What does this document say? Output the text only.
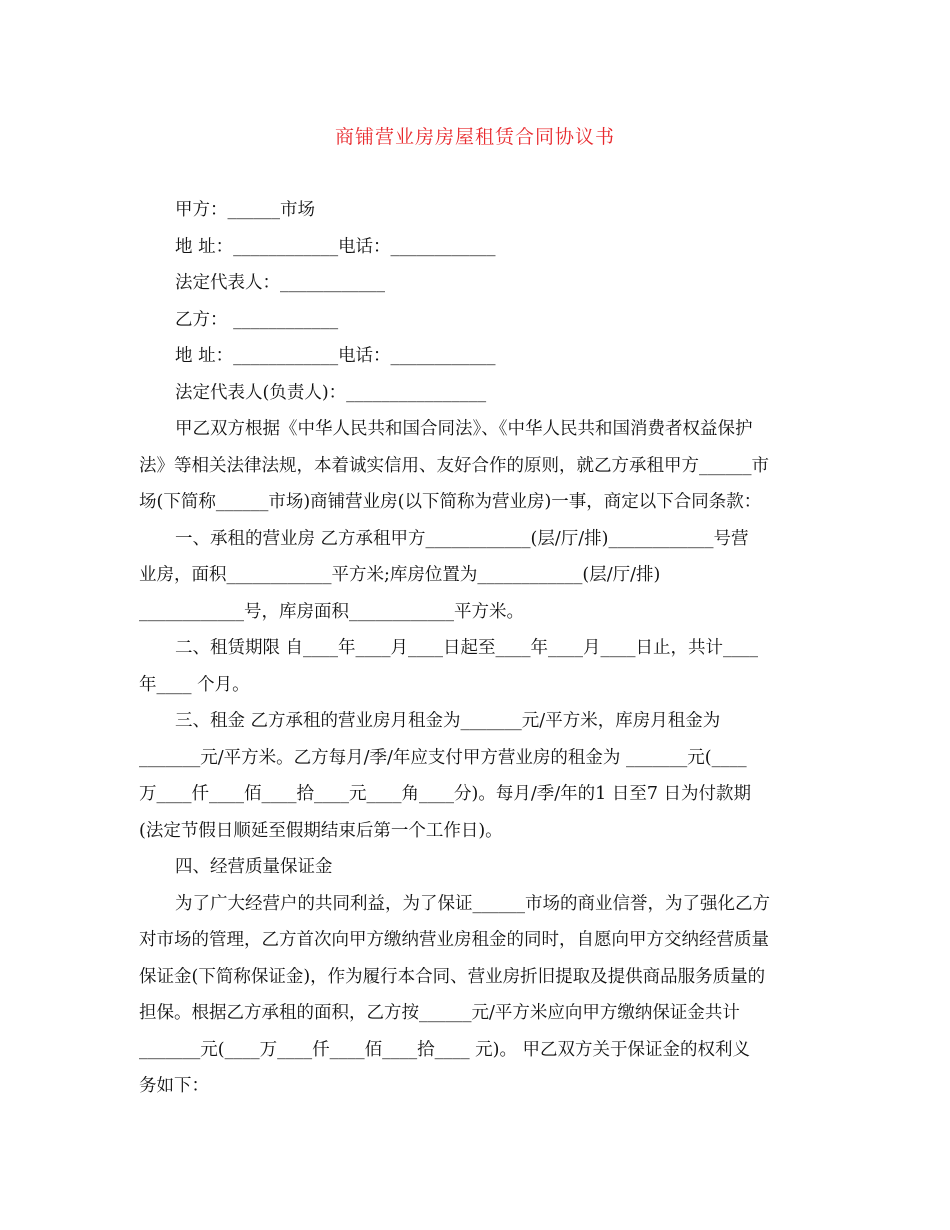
商铺营业房房屋租赁合同协议书
甲方：______市场
地 址：____________电话：____________
法定代表人：____________
乙方： ____________
地 址：____________电话：____________
法定代表人(负责人)：________________
甲乙双方根据《中华人民共和国合同法》、《中华人民共和国消费者权益保护
法》等相关法律法规，本着诚实信用、友好合作的原则，就乙方承租甲方______市
场(下简称______市场)商铺营业房(以下简称为营业房)一事，商定以下合同条款：
一、承租的营业房 乙方承租甲方____________(层/厅/排)____________号营
业房，面积____________平方米;库房位置为____________(层/厅/排)
____________号，库房面积____________平方米。
二、租赁期限 自____年____月____日起至____年____月____日止，共计____
年____ 个月。
三、租金 乙方承租的营业房月租金为_______元/平方米，库房月租金为
_______元/平方米。乙方每月/季/年应支付甲方营业房的租金为 _______元(____
万____仟____佰____拾____元____角____分)。每月/季/年的1 日至7 日为付款期
(法定节假日顺延至假期结束后第一个工作日)。
四、经营质量保证金
为了广大经营户的共同利益，为了保证______市场的商业信誉，为了强化乙方
对市场的管理，乙方首次向甲方缴纳营业房租金的同时，自愿向甲方交纳经营质量
保证金(下简称保证金)，作为履行本合同、营业房折旧提取及提供商品服务质量的
担保。根据乙方承租的面积，乙方按______元/平方米应向甲方缴纳保证金共计
_______元(____万____仟____佰____拾____ 元)。 甲乙双方关于保证金的权利义
务如下：
